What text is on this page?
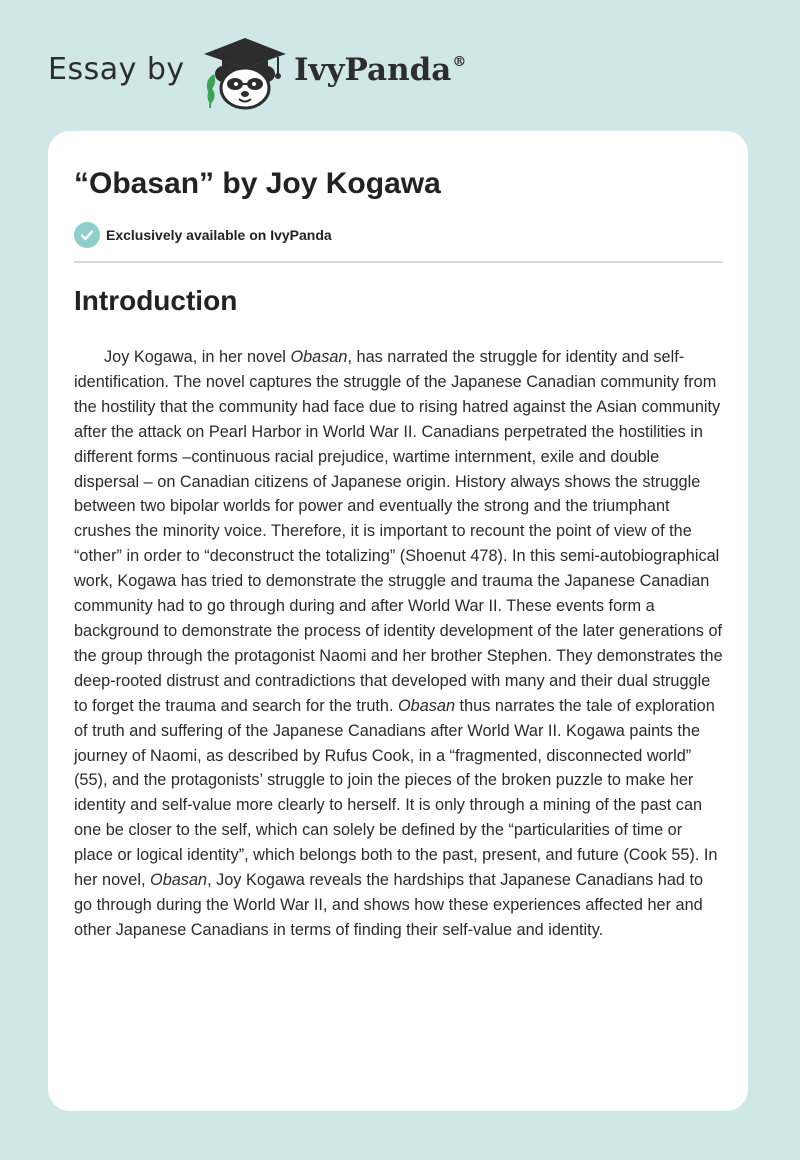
Essay by	IvyPanda®
“Obasan” by Joy Kogawa
Exclusively available on IvyPanda
Introduction

Joy Kogawa, in her novel Obasan, has narrated the struggle for identity and self-identification. The novel captures the struggle of the Japanese Canadian community from the hostility that the community had face due to rising hatred against the Asian community after the attack on Pearl Harbor in World War II. Canadians perpetrated the hostilities in different forms –continuous racial prejudice, wartime internment, exile and double dispersal – on Canadian citizens of Japanese origin. History always shows the struggle between two bipolar worlds for power and eventually the strong and the triumphant crushes the minority voice. Therefore, it is important to recount the point of view of the “other” in order to “deconstruct the totalizing” (Shoenut 478). In this semi-autobiographical work, Kogawa has tried to demonstrate the struggle and trauma the Japanese Canadian community had to go through during and after World War II. These events form a background to demonstrate the process of identity development of the later generations of the group through the protagonist Naomi and her brother Stephen. They demonstrates the deep-rooted distrust and contradictions that developed with many and their dual struggle to forget the trauma and search for the truth. Obasan thus narrates the tale of exploration of truth and suffering of the Japanese Canadians after World War II. Kogawa paints the journey of Naomi, as described by Rufus Cook, in a “fragmented, disconnected world” (55), and the protagonists’ struggle to join the pieces of the broken puzzle to make her identity and self-value more clearly to herself. It is only through a mining of the past can one be closer to the self, which can solely be defined by the “particularities of time or place or logical identity”, which belongs both to the past, present, and future (Cook 55). In her novel, Obasan, Joy Kogawa reveals the hardships that Japanese Canadians had to go through during the World War II, and shows how these experiences affected her and other Japanese Canadians in terms of finding their self-value and identity.
